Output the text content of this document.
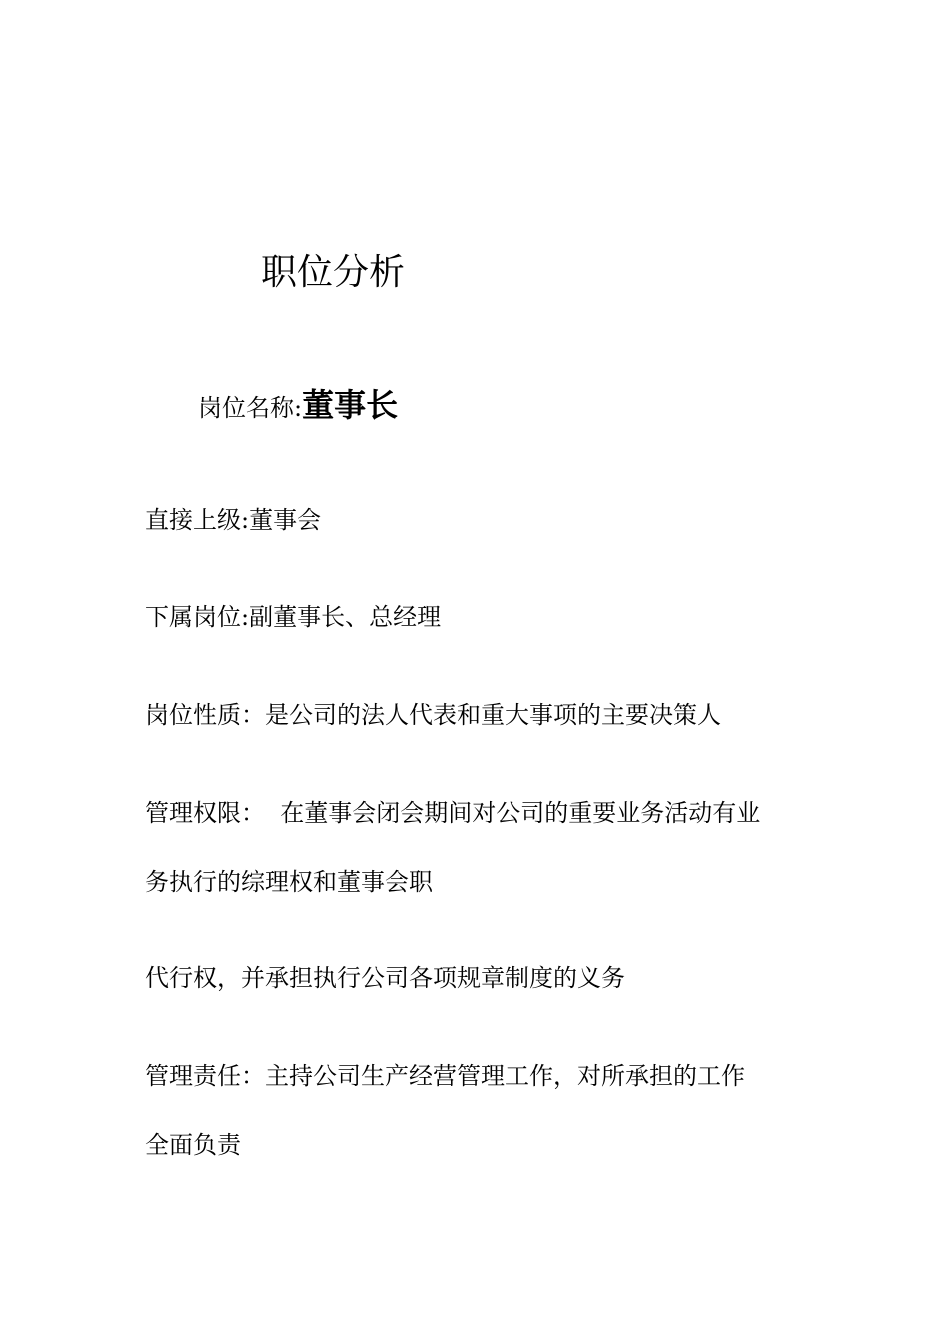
职位分析
岗位名称:董事长
直接上级:董事会
下属岗位:副董事长、总经理
岗位性质：是公司的法人代表和重大事项的主要决策人
管理权限：  在董事会闭会期间对公司的重要业务活动有业
务执行的综理权和董事会职
代行权，并承担执行公司各项规章制度的义务
管理责任：主持公司生产经营管理工作，对所承担的工作
全面负责
